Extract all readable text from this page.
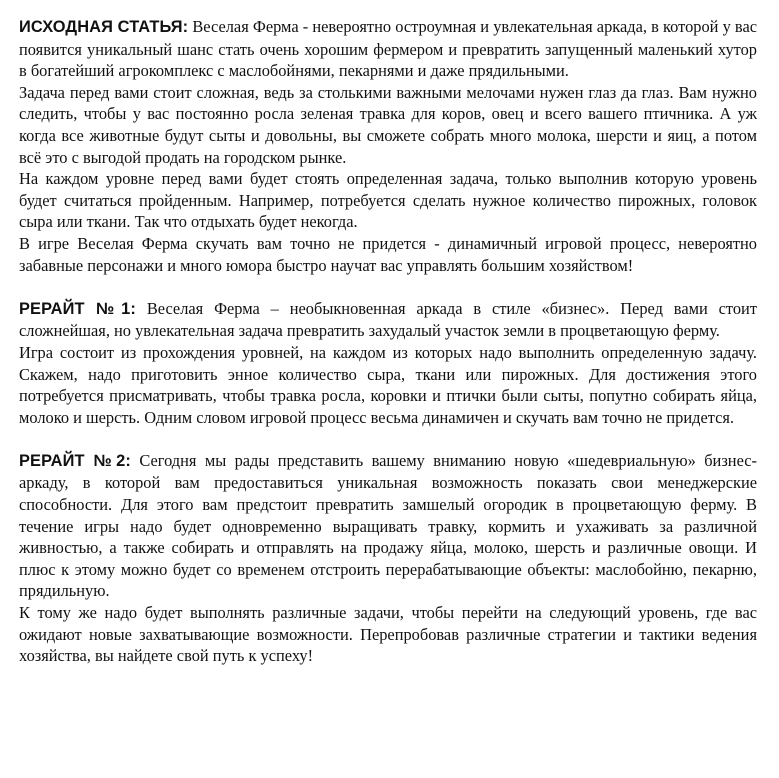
ИСХОДНАЯ СТАТЬЯ: Веселая Ферма - невероятно остроумная и увлекательная аркада, в которой у вас появится уникальный шанс стать очень хорошим фермером и превратить запущенный маленький хутор в богатейший агрокомплекс с маслобойнями, пекарнями и даже прядильными.

Задача перед вами стоит сложная, ведь за столькими важными мелочами нужен глаз да глаз. Вам нужно следить, чтобы у вас постоянно росла зеленая травка для коров, овец и всего вашего птичника. А уж когда все животные будут сыты и довольны, вы сможете собрать много молока, шерсти и яиц, а потом всё это с выгодой продать на городском рынке.

На каждом уровне перед вами будет стоять определенная задача, только выполнив которую уровень будет считаться пройденным. Например, потребуется сделать нужное количество пирожных, головок сыра или ткани. Так что отдыхать будет некогда.

В игре Веселая Ферма скучать вам точно не придется - динамичный игровой процесс, невероятно забавные персонажи и много юмора быстро научат вас управлять большим хозяйством!

РЕРАЙТ №1: Веселая Ферма – необыкновенная аркада в стиле «бизнес». Перед вами стоит сложнейшая, но увлекательная задача превратить захудалый участок земли в процветающую ферму.

Игра состоит из прохождения уровней, на каждом из которых надо выполнить определенную задачу. Скажем, надо приготовить энное количество сыра, ткани или пирожных. Для достижения этого потребуется присматривать, чтобы травка росла, коровки и птички были сыты, попутно собирать яйца, молоко и шерсть. Одним словом игровой процесс весьма динамичен и скучать вам точно не придется.

РЕРАЙТ №2: Сегодня мы рады представить вашему вниманию новую «шедевриальную» бизнес-аркаду, в которой вам предоставиться уникальная возможность показать свои менеджерские способности. Для этого вам предстоит превратить замшелый огородик в процветающую ферму. В течение игры надо будет одновременно выращивать травку, кормить и ухаживать за различной живностью, а также собирать и отправлять на продажу яйца, молоко, шерсть и различные овощи. И плюс к этому можно будет со временем отстроить перерабатывающие объекты: маслобойню, пекарню, прядильную.

К тому же надо будет выполнять различные задачи, чтобы перейти на следующий уровень, где вас ожидают новые захватывающие возможности. Перепробовав различные стратегии и тактики ведения хозяйства, вы найдете свой путь к успеху!
